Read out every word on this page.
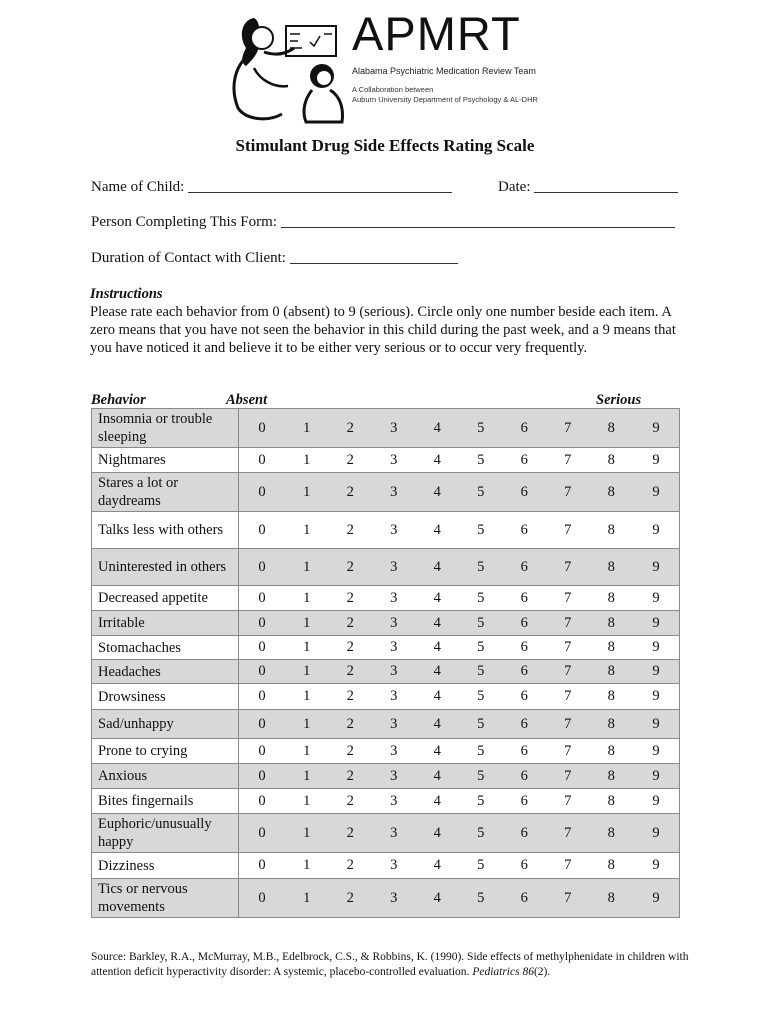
APMRT
Alabama Psychiatric Medication Review Team
A Collaboration between
Auburn University Department of Psychology & AL-DHR
Stimulant Drug Side Effects Rating Scale
Name of Child:	Date:
Person Completing This Form:
Duration of Contact with Client:
Instructions
Please rate each behavior from 0 (absent) to 9 (serious). Circle only one number beside each item. A zero means that you have not seen the behavior in this child during the past week, and a 9 means that you have noticed it and believe it to be either very serious or to occur very frequently.
Behavior	Absent	Serious
Insomnia or trouble sleeping	0	1	2	3	4	5	6	7	8	9
Nightmares	0	1	2	3	4	5	6	7	8	9
Stares a lot or daydreams	0	1	2	3	4	5	6	7	8	9
Talks less with others	0	1	2	3	4	5	6	7	8	9
Uninterested in others	0	1	2	3	4	5	6	7	8	9
Decreased appetite	0	1	2	3	4	5	6	7	8	9
Irritable	0	1	2	3	4	5	6	7	8	9
Stomachaches	0	1	2	3	4	5	6	7	8	9
Headaches	0	1	2	3	4	5	6	7	8	9
Drowsiness	0	1	2	3	4	5	6	7	8	9
Sad/unhappy	0	1	2	3	4	5	6	7	8	9
Prone to crying	0	1	2	3	4	5	6	7	8	9
Anxious	0	1	2	3	4	5	6	7	8	9
Bites fingernails	0	1	2	3	4	5	6	7	8	9
Euphoric/unusually happy	0	1	2	3	4	5	6	7	8	9
Dizziness	0	1	2	3	4	5	6	7	8	9
Tics or nervous movements	0	1	2	3	4	5	6	7	8	9
Source: Barkley, R.A., McMurray, M.B., Edelbrock, C.S., & Robbins, K. (1990). Side effects of methylphenidate in children with attention deficit hyperactivity disorder: A systemic, placebo-controlled evaluation. Pediatrics 86(2).
